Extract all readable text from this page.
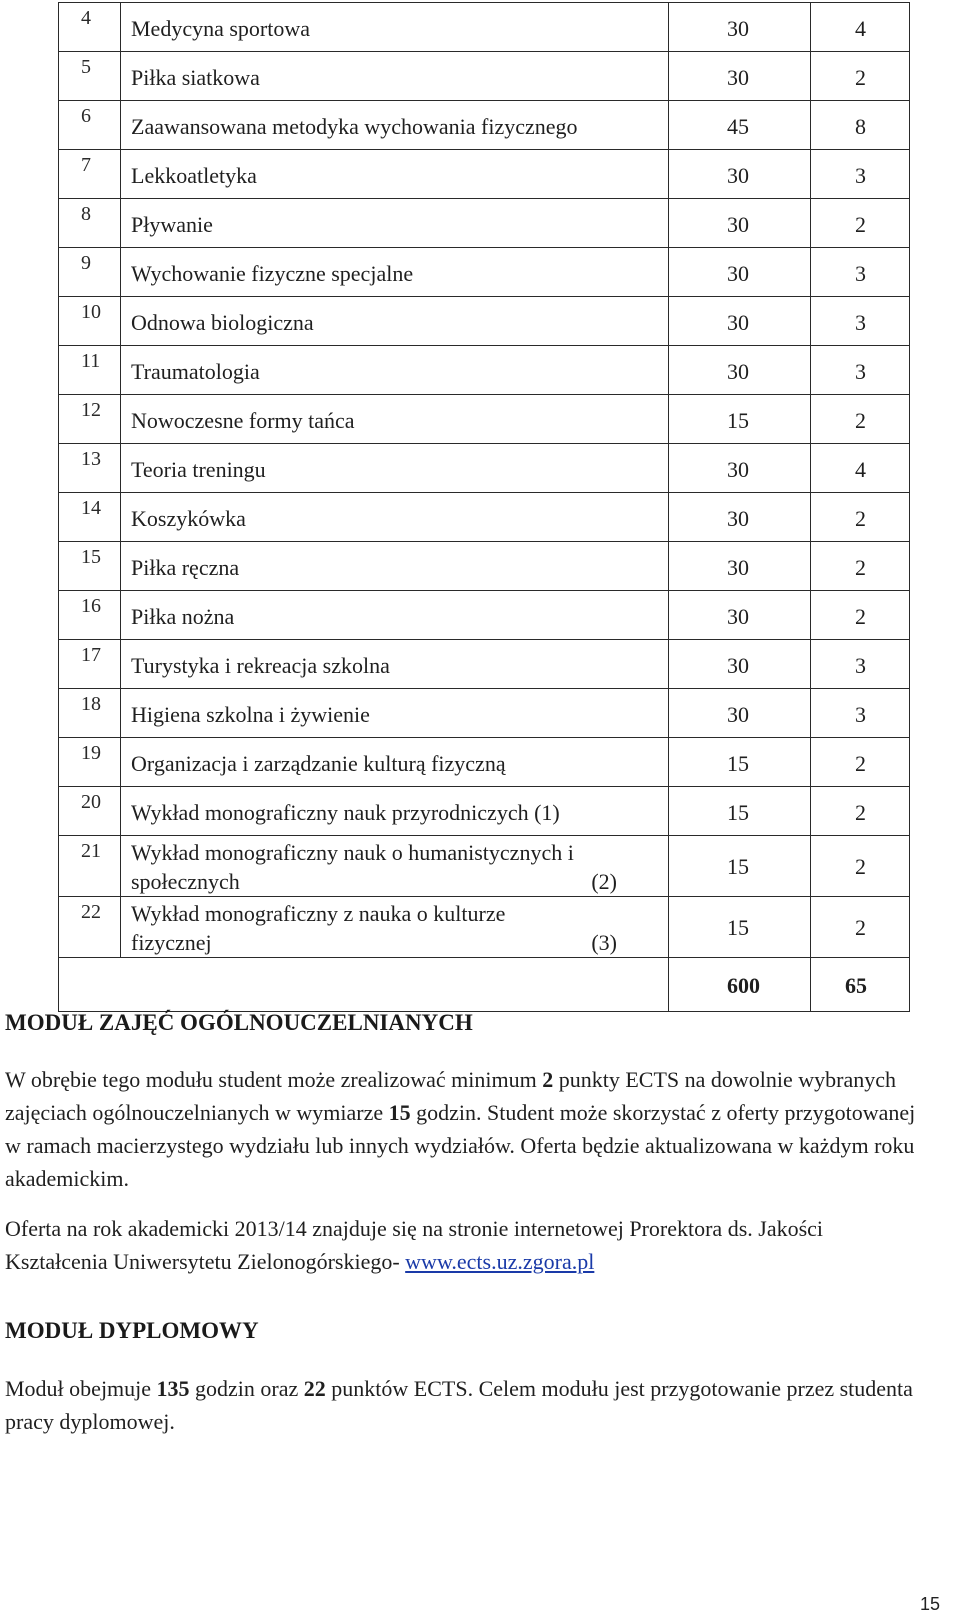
4	Medycyna sportowa	30	4
5	Piłka siatkowa	30	2
6	Zaawansowana metodyka wychowania fizycznego	45	8
7	Lekkoatletyka	30	3
8	Pływanie	30	2
9	Wychowanie fizyczne specjalne	30	3
10	Odnowa biologiczna	30	3
11	Traumatologia	30	3
12	Nowoczesne formy tańca	15	2
13	Teoria treningu	30	4
14	Koszykówka	30	2
15	Piłka ręczna	30	2
16	Piłka nożna	30	2
17	Turystyka i rekreacja szkolna	30	3
18	Higiena szkolna i żywienie	30	3
19	Organizacja i zarządzanie kulturą fizyczną	15	2
20	Wykład monograficzny nauk przyrodniczych (1)	15	2
21	Wykład monograficzny nauk o humanistycznych i
społecznych (2)	15	2
22	Wykład monograficzny z nauka o kulturze
fizycznej (3)	15	2
		600	65
MODUŁ ZAJĘĆ OGÓLNOUCZELNIANYCH

W obrębie tego modułu student może zrealizować minimum 2 punkty ECTS na dowolnie wybranych zajęciach ogólnouczelnianych w wymiarze 15 godzin. Student może skorzystać z oferty przygotowanej w ramach macierzystego wydziału lub innych wydziałów. Oferta będzie aktualizowana w każdym roku akademickim.

Oferta na rok akademicki 2013/14 znajduje się na stronie internetowej Prorektora ds. Jakości Kształcenia Uniwersytetu Zielonogórskiego- www.ects.uz.zgora.pl

MODUŁ DYPLOMOWY

Moduł obejmuje 135 godzin oraz 22 punktów ECTS. Celem modułu jest przygotowanie przez studenta pracy dyplomowej.

15
